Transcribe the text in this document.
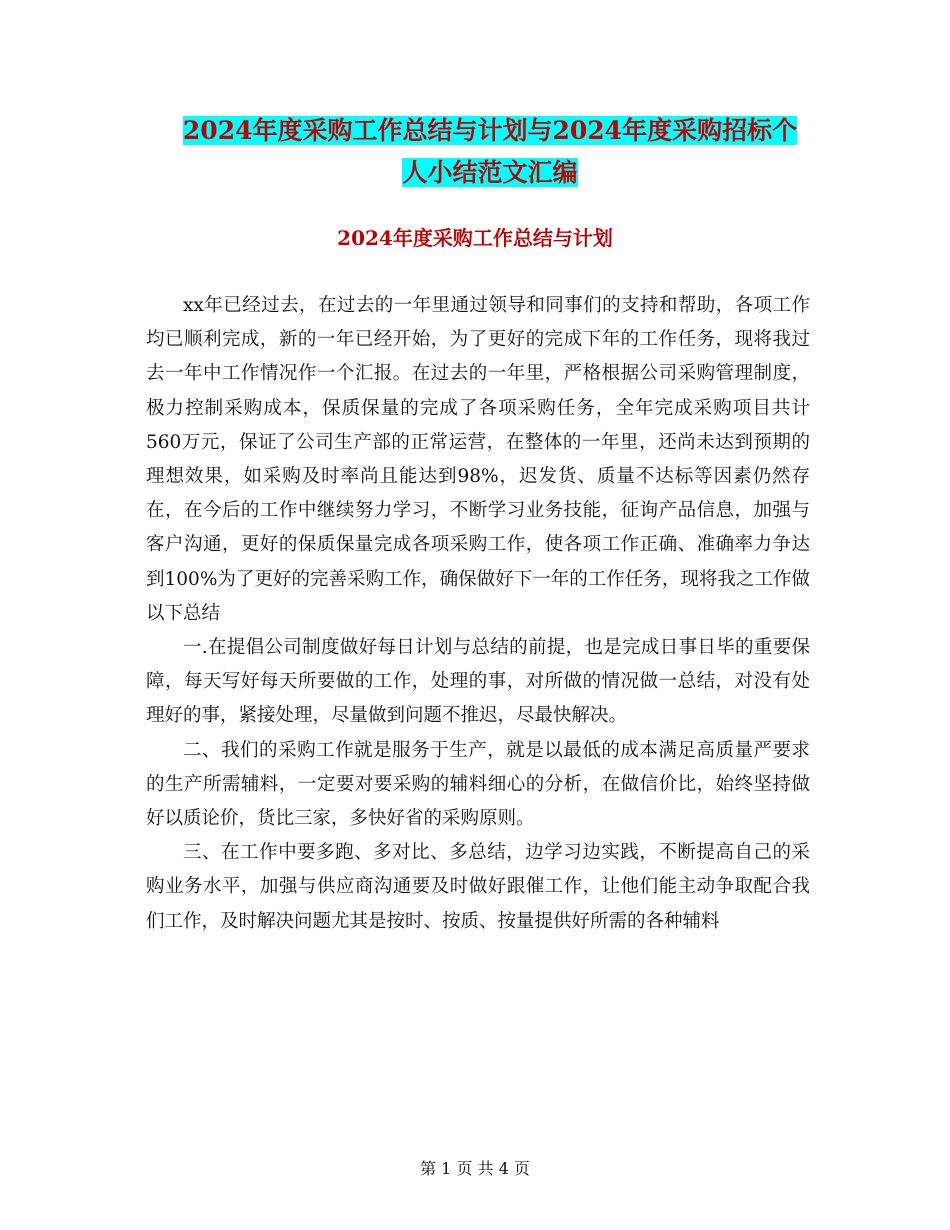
2024年度采购工作总结与计划与2024年度采购招标个
人小结范文汇编
2024年度采购工作总结与计划

xx年已经过去，在过去的一年里通过领导和同事们的支持和帮助，各项工作均已顺利完成，新的一年已经开始，为了更好的完成下年的工作任务，现将我过去一年中工作情况作一个汇报。在过去的一年里，严格根据公司采购管理制度，极力控制采购成本，保质保量的完成了各项采购任务，全年完成采购项目共计560万元，保证了公司生产部的正常运营，在整体的一年里，还尚未达到预期的理想效果，如采购及时率尚且能达到98%，迟发货、质量不达标等因素仍然存在，在今后的工作中继续努力学习，不断学习业务技能，征询产品信息，加强与客户沟通，更好的保质保量完成各项采购工作，使各项工作正确、准确率力争达到100%为了更好的完善采购工作，确保做好下一年的工作任务，现将我之工作做以下总结

一.在提倡公司制度做好每日计划与总结的前提，也是完成日事日毕的重要保障，每天写好每天所要做的工作，处理的事，对所做的情况做一总结，对没有处理好的事，紧接处理，尽量做到问题不推迟，尽最快解决。

二、我们的采购工作就是服务于生产，就是以最低的成本满足高质量严要求的生产所需辅料，一定要对要采购的辅料细心的分析，在做信价比，始终坚持做好以质论价，货比三家，多快好省的采购原则。

三、在工作中要多跑、多对比、多总结，边学习边实践，不断提高自己的采购业务水平，加强与供应商沟通要及时做好跟催工作，让他们能主动争取配合我们工作，及时解决问题尤其是按时、按质、按量提供好所需的各种辅料

第 1 页 共 4 页
